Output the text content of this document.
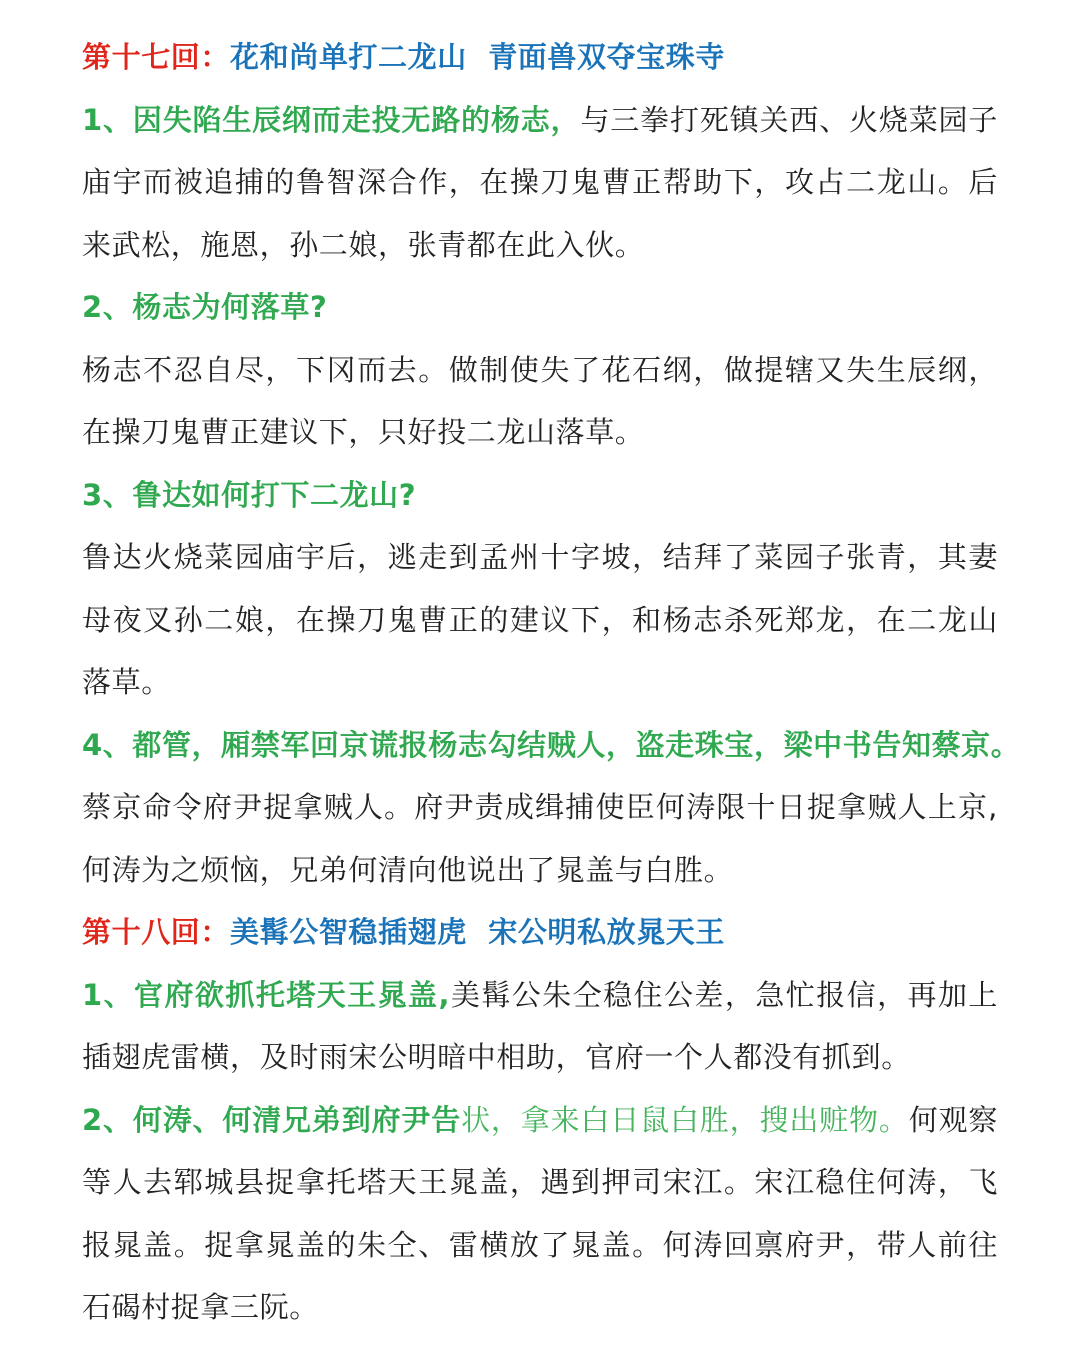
第十七回：花和尚单打二龙山  青面兽双夺宝珠寺
1、因失陷生辰纲而走投无路的杨志，与三拳打死镇关西、火烧菜园子
庙宇而被追捕的鲁智深合作，在操刀鬼曹正帮助下，攻占二龙山。后
来武松，施恩，孙二娘，张青都在此入伙。
2、杨志为何落草?
杨志不忍自尽，下冈而去。做制使失了花石纲，做提辖又失生辰纲，
在操刀鬼曹正建议下，只好投二龙山落草。
3、鲁达如何打下二龙山?
鲁达火烧菜园庙宇后，逃走到孟州十字坡，结拜了菜园子张青，其妻
母夜叉孙二娘，在操刀鬼曹正的建议下，和杨志杀死郑龙，在二龙山
落草。
4、都管，厢禁军回京谎报杨志勾结贼人，盗走珠宝，梁中书告知蔡京。
蔡京命令府尹捉拿贼人。府尹责成缉捕使臣何涛限十日捉拿贼人上京,
何涛为之烦恼，兄弟何清向他说出了晁盖与白胜。
第十八回：美髯公智稳插翅虎  宋公明私放晁天王
1、官府欲抓托塔天王晁盖,美髯公朱仝稳住公差，急忙报信，再加上
插翅虎雷横，及时雨宋公明暗中相助，官府一个人都没有抓到。
2、何涛、何清兄弟到府尹告状，拿来白日鼠白胜，搜出赃物。何观察
等人去郓城县捉拿托塔天王晁盖，遇到押司宋江。宋江稳住何涛，飞
报晁盖。捉拿晁盖的朱仝、雷横放了晁盖。何涛回禀府尹，带人前往
石碣村捉拿三阮。
